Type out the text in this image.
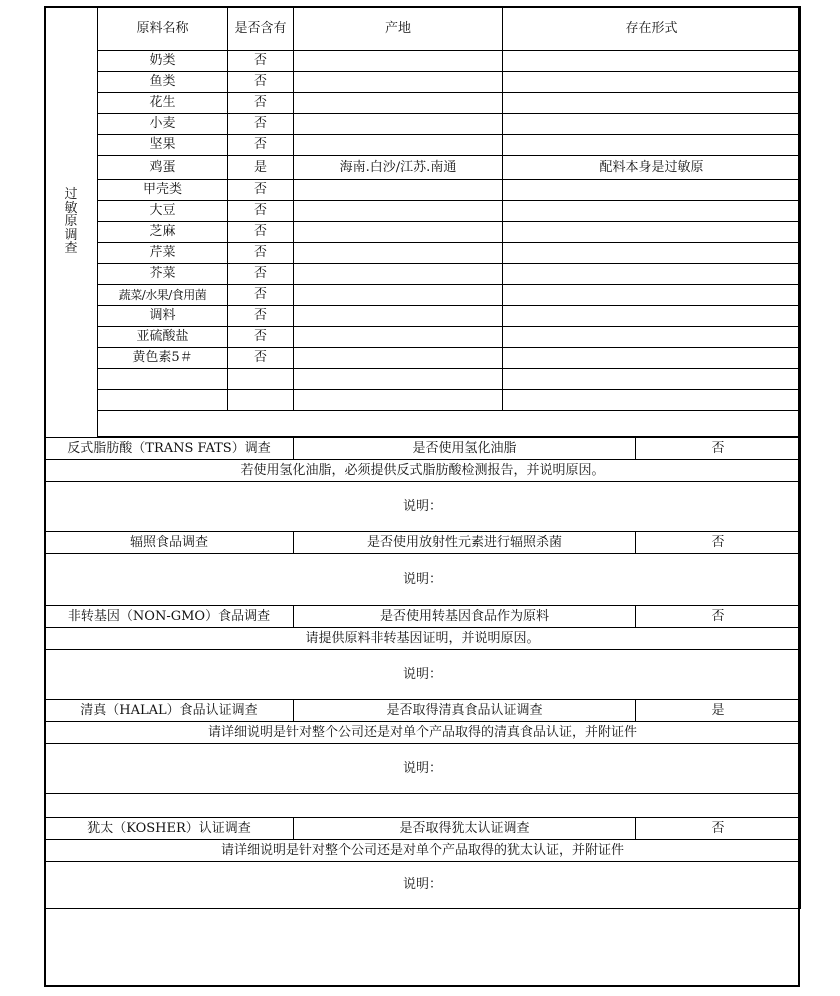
过
敏
原
调
查	原料名称	是否含有	产地	存在形式	
	奶类	否			
	鱼类	否			
	花生	否			
	小麦	否			
	坚果	否			
	鸡蛋	是	海南.白沙/江苏.南通	配料本身是过敏原	
	甲壳类	否			
	大豆	否			
	芝麻	否			
	芹菜	否			
	芥菜	否			
	蔬菜/水果/食用菌	否			
	调料	否			
	亚硫酸盐	否			
	黄色素5＃	否			

反式脂肪酸（TRANS FATS）调查			是否使用氢化油脂		否
若使用氢化油脂，必须提供反式脂肪酸检测报告，并说明原因。					
说明：					
辐照食品调查			是否使用放射性元素进行辐照杀菌		否
说明：					
非转基因（NON-GMO）食品调查			是否使用转基因食品作为原料		否
请提供原料非转基因证明，并说明原因。					
说明：					
清真（HALAL）食品认证调查			是否取得清真食品认证调查		是
请详细说明是针对整个公司还是对单个产品取得的清真食品认证，并附证件					
说明：					

犹太（KOSHER）认证调查			是否取得犹太认证调查		否
请详细说明是针对整个公司还是对单个产品取得的犹太认证，并附证件					
说明：					
